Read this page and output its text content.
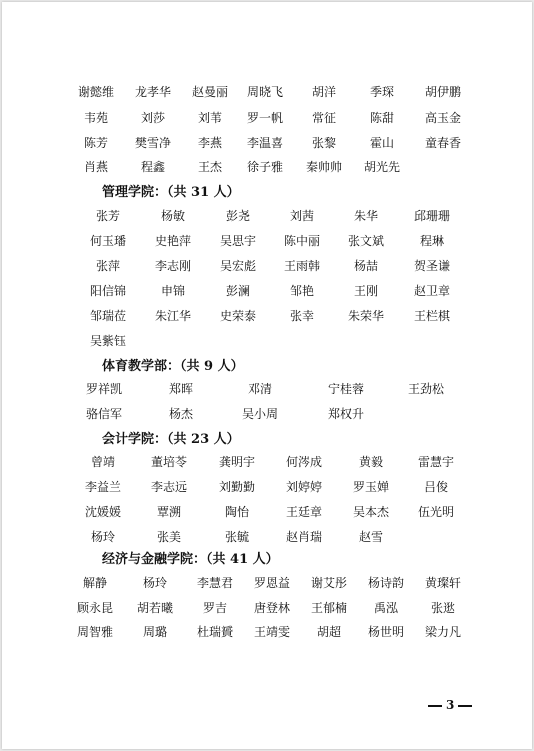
谢懿维 龙孝华 赵曼丽 周晓飞 胡洋	季琛	胡伊鹏
韦苑	刘莎	刘苇 罗一帆 常征	陈甜	高玉金
陈芳 樊雪净 李燕 李温喜 张黎	霍山	童春香
肖燕	程鑫	王杰 徐子雅 秦帅帅 胡光先
管理学院：（共 31 人）
张芳	杨敏	彭尧	刘茜	朱华	邱珊珊
何玉璠 史艳萍 吴思宇 陈中丽 张文斌	程琳
张萍	李志刚 吴宏彪 王雨韩	杨喆	贺圣谦
阳信锦	申锦	彭澜	邹艳	王刚	赵卫章
邹瑞莅 朱江华 史荣泰	张幸	朱荣华 王栏棋
吴紫钰
体育教学部：（共 9 人）
罗祥凯	郑晖	邓清	宁桂蓉	王劲松
骆信军	杨杰	吴小周	郑权升
会计学院：（共 23 人）
曾靖	董培苓	龚明宇	何涔成	黄毅	雷慧宇
李益兰 李志远	刘勤勤	刘婷婷	罗玉婵	吕俊
沈媛媛	覃溯	陶怡	王廷章	吴本杰 伍光明
杨玲	张美	张毓	赵肖瑞	赵雪
经济与金融学院：（共 41 人）
解静	杨玲 李慧君 罗恩益 谢艾彤 杨诗韵 黄璨轩
顾永昆 胡若曦 罗吉 唐登林 王郁楠 禹泓	张逖
周智雅 周璐 杜瑞贇 王靖雯 胡超 杨世明 梁力凡
3
